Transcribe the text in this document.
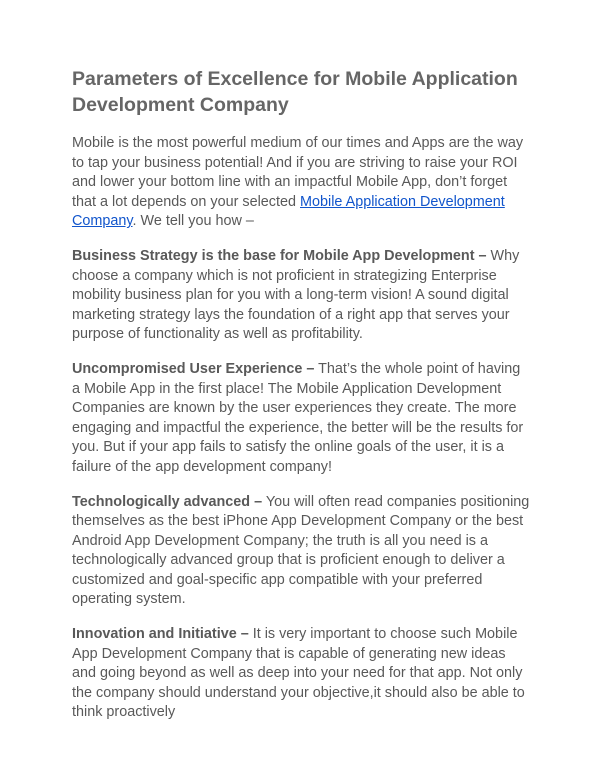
Parameters of Excellence for Mobile Application Development Company

Mobile is the most powerful medium of our times and Apps are the way to tap your business potential! And if you are striving to raise your ROI and lower your bottom line with an impactful Mobile App, don’t forget that a lot depends on your selected Mobile Application Development Company. We tell you how –

Business Strategy is the base for Mobile App Development – Why choose a company which is not proficient in strategizing Enterprise mobility business plan for you with a long-term vision! A sound digital marketing strategy lays the foundation of a right app that serves your purpose of functionality as well as profitability.

Uncompromised User Experience – That’s the whole point of having a Mobile App in the first place! The Mobile Application Development Companies are known by the user experiences they create. The more engaging and impactful the experience, the better will be the results for you. But if your app fails to satisfy the online goals of the user, it is a failure of the app development company!

Technologically advanced – You will often read companies positioning themselves as the best iPhone App Development Company or the best Android App Development Company; the truth is all you need is a technologically advanced group that is proficient enough to deliver a customized and goal-specific app compatible with your preferred operating system.

Innovation and Initiative – It is very important to choose such Mobile App Development Company that is capable of generating new ideas and going beyond as well as deep into your need for that app. Not only the company should understand your objective,it should also be able to think proactively
